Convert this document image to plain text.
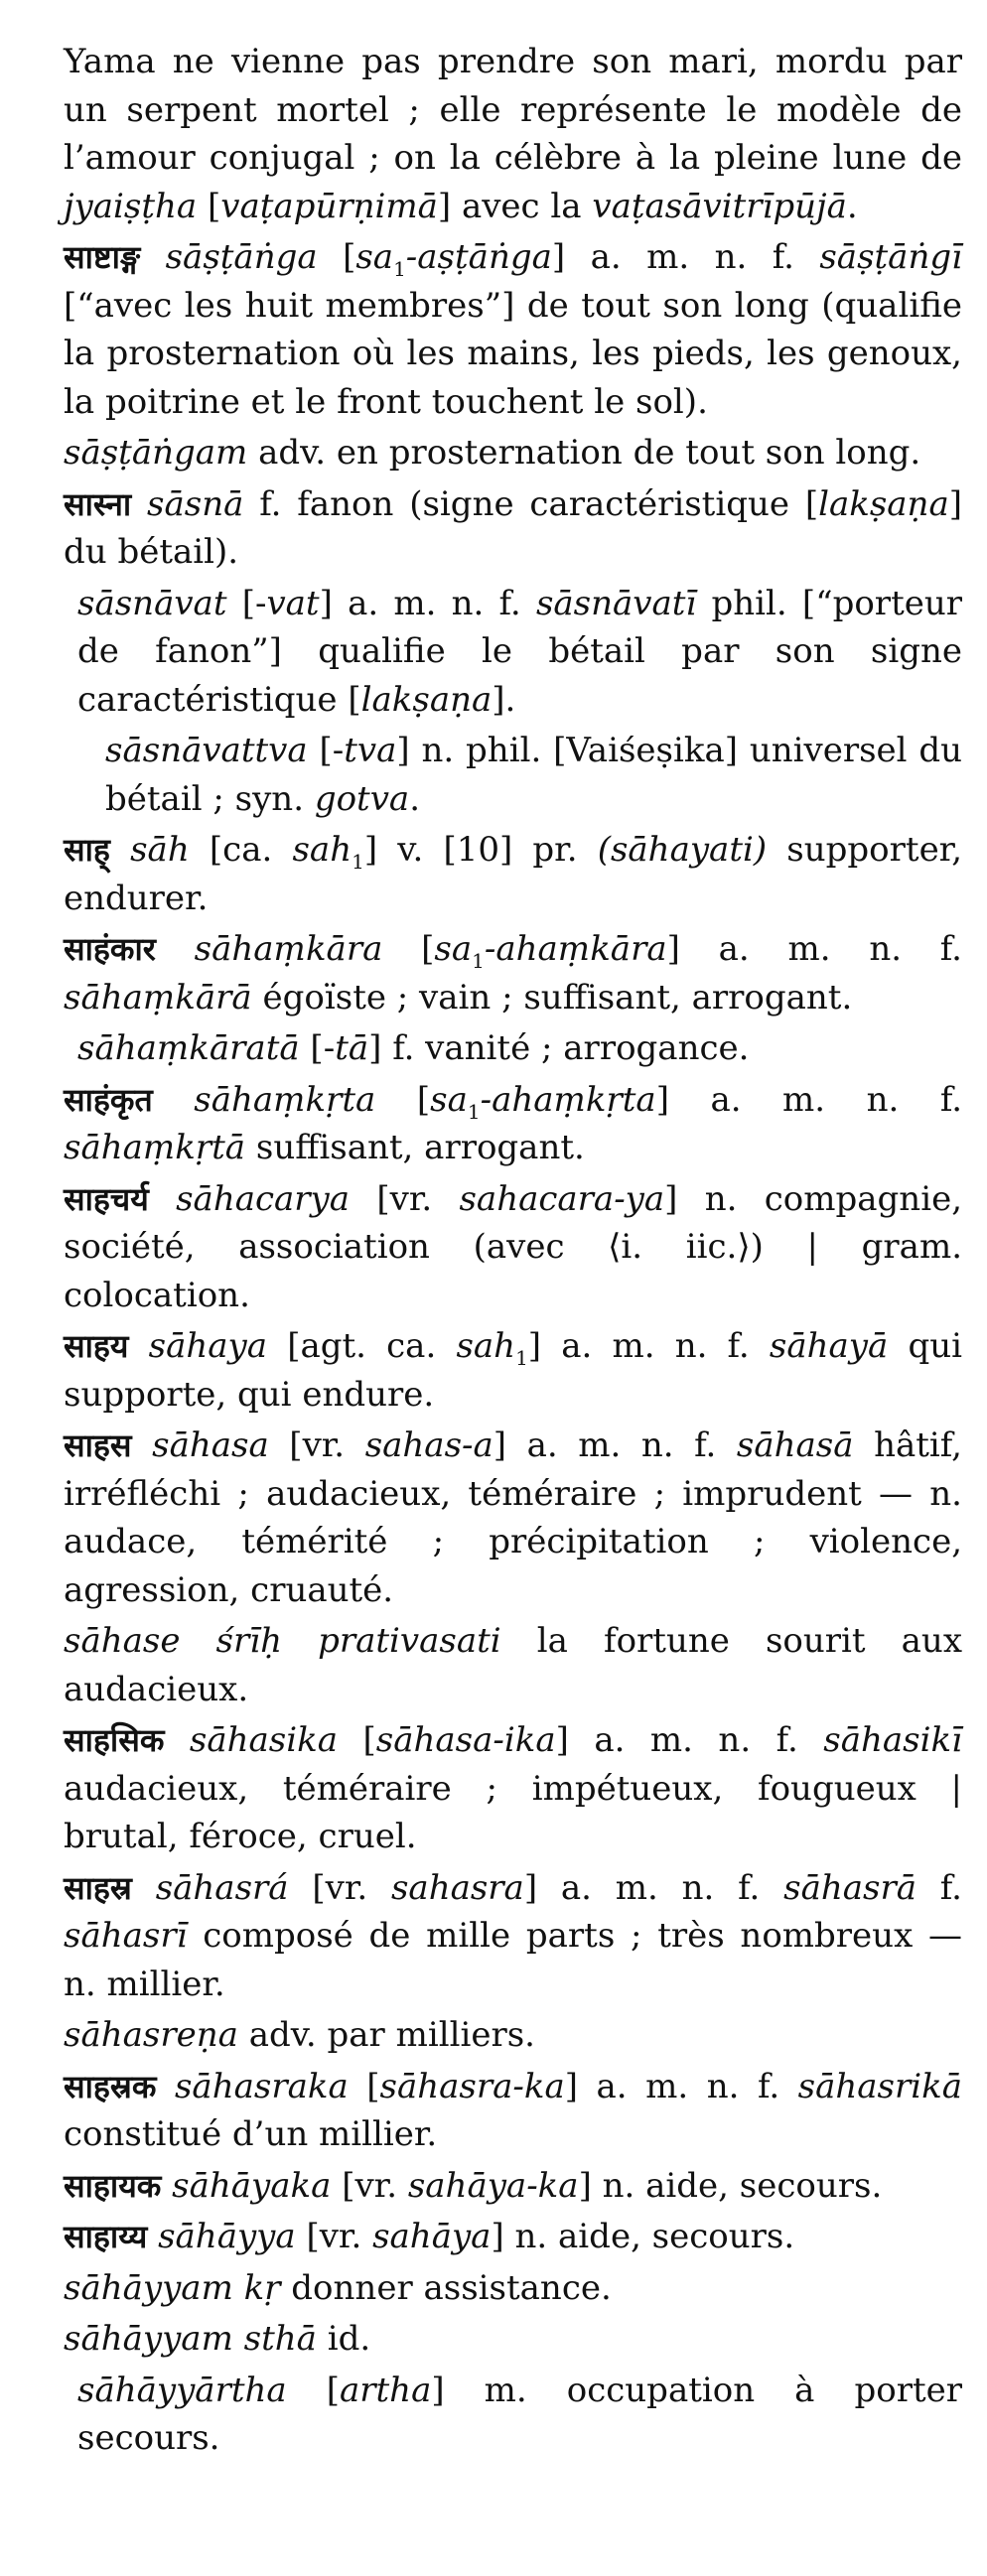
Yama ne vienne pas prendre son mari, mordu par un serpent mortel ; elle représente le modèle de l’amour conjugal ; on la célèbre à la pleine lune de jyaiṣṭha [vaṭapūrṇimā] avec la vaṭasāvitrīpūjā.

साष्टाङ्ग sāṣṭāṅga $[sa_1-aṣṭāṅga]$ a. m. n. f. sāṣṭāṅgī [“avec les huit membres”] de tout son long (qualifie la prosternation où les mains, les pieds, les genoux, la poitrine et le front touchent le sol).

sāṣṭāṅgam adv. en prosternation de tout son long.

सास्ना sāsnā f. fanon (signe caractéristique [lakṣaṇa] du bétail).

sāsnāvat [-vat] a. m. n. f. sāsnāvatī phil. [“porteur de fanon”] qualifie le bétail par son signe caractéristique [lakṣaṇa].

sāsnāvattva [-tva] n. phil. [Vaiśeṣika] universel du bétail ; syn. gotva.

साह् sāh [ca. sah$_1$] v. [10] pr. (sāhayati) supporter, endurer.

साहंकार sāhaṃkāra $[sa_1-ahaṃkāra]$ a. m. n. f. sāhaṃkārā égoïste ; vain ; suffisant, arrogant.

sāhaṃkāratā [-tā] f. vanité ; arrogance.

साहंकृत sāhaṃkṛta $[sa_1-ahaṃkṛta]$ a. m. n. f. sāhaṃkṛtā suffisant, arrogant.

साहचर्य sāhacarya [vr. sahacara-ya] n. compagnie, société, association (avec ⟨i. iic.⟩) | gram. colocation.

साहय sāhaya [agt. ca. sah$_1$] a. m. n. f. sāhayā qui supporte, qui endure.

साहस sāhasa [vr. sahas-a] a. m. n. f. sāhasā hâtif, irréfléchi ; audacieux, téméraire ; imprudent — n. audace, témérité ; précipitation ; violence, agression, cruauté.

sāhase śrīḥ prativasati la fortune sourit aux audacieux.

साहसिक sāhasika [sāhasa-ika] a. m. n. f. sāhasikī audacieux, téméraire ; impétueux, fougueux | brutal, féroce, cruel.

साहस्र sāhasrá [vr. sahasra] a. m. n. f. sāhasrā f. sāhasrī composé de mille parts ; très nombreux — n. millier.

sāhasreṇa adv. par milliers.

साहस्रक sāhasraka [sāhasra-ka] a. m. n. f. sāhasrikā constitué d’un millier.

साहायक sāhāyaka [vr. sahāya-ka] n. aide, secours.

साहाय्य sāhāyya [vr. sahāya] n. aide, secours.

sāhāyyam kṛ donner assistance.

sāhāyyam sthā id.

sāhāyyārtha [artha] m. occupation à porter secours.
